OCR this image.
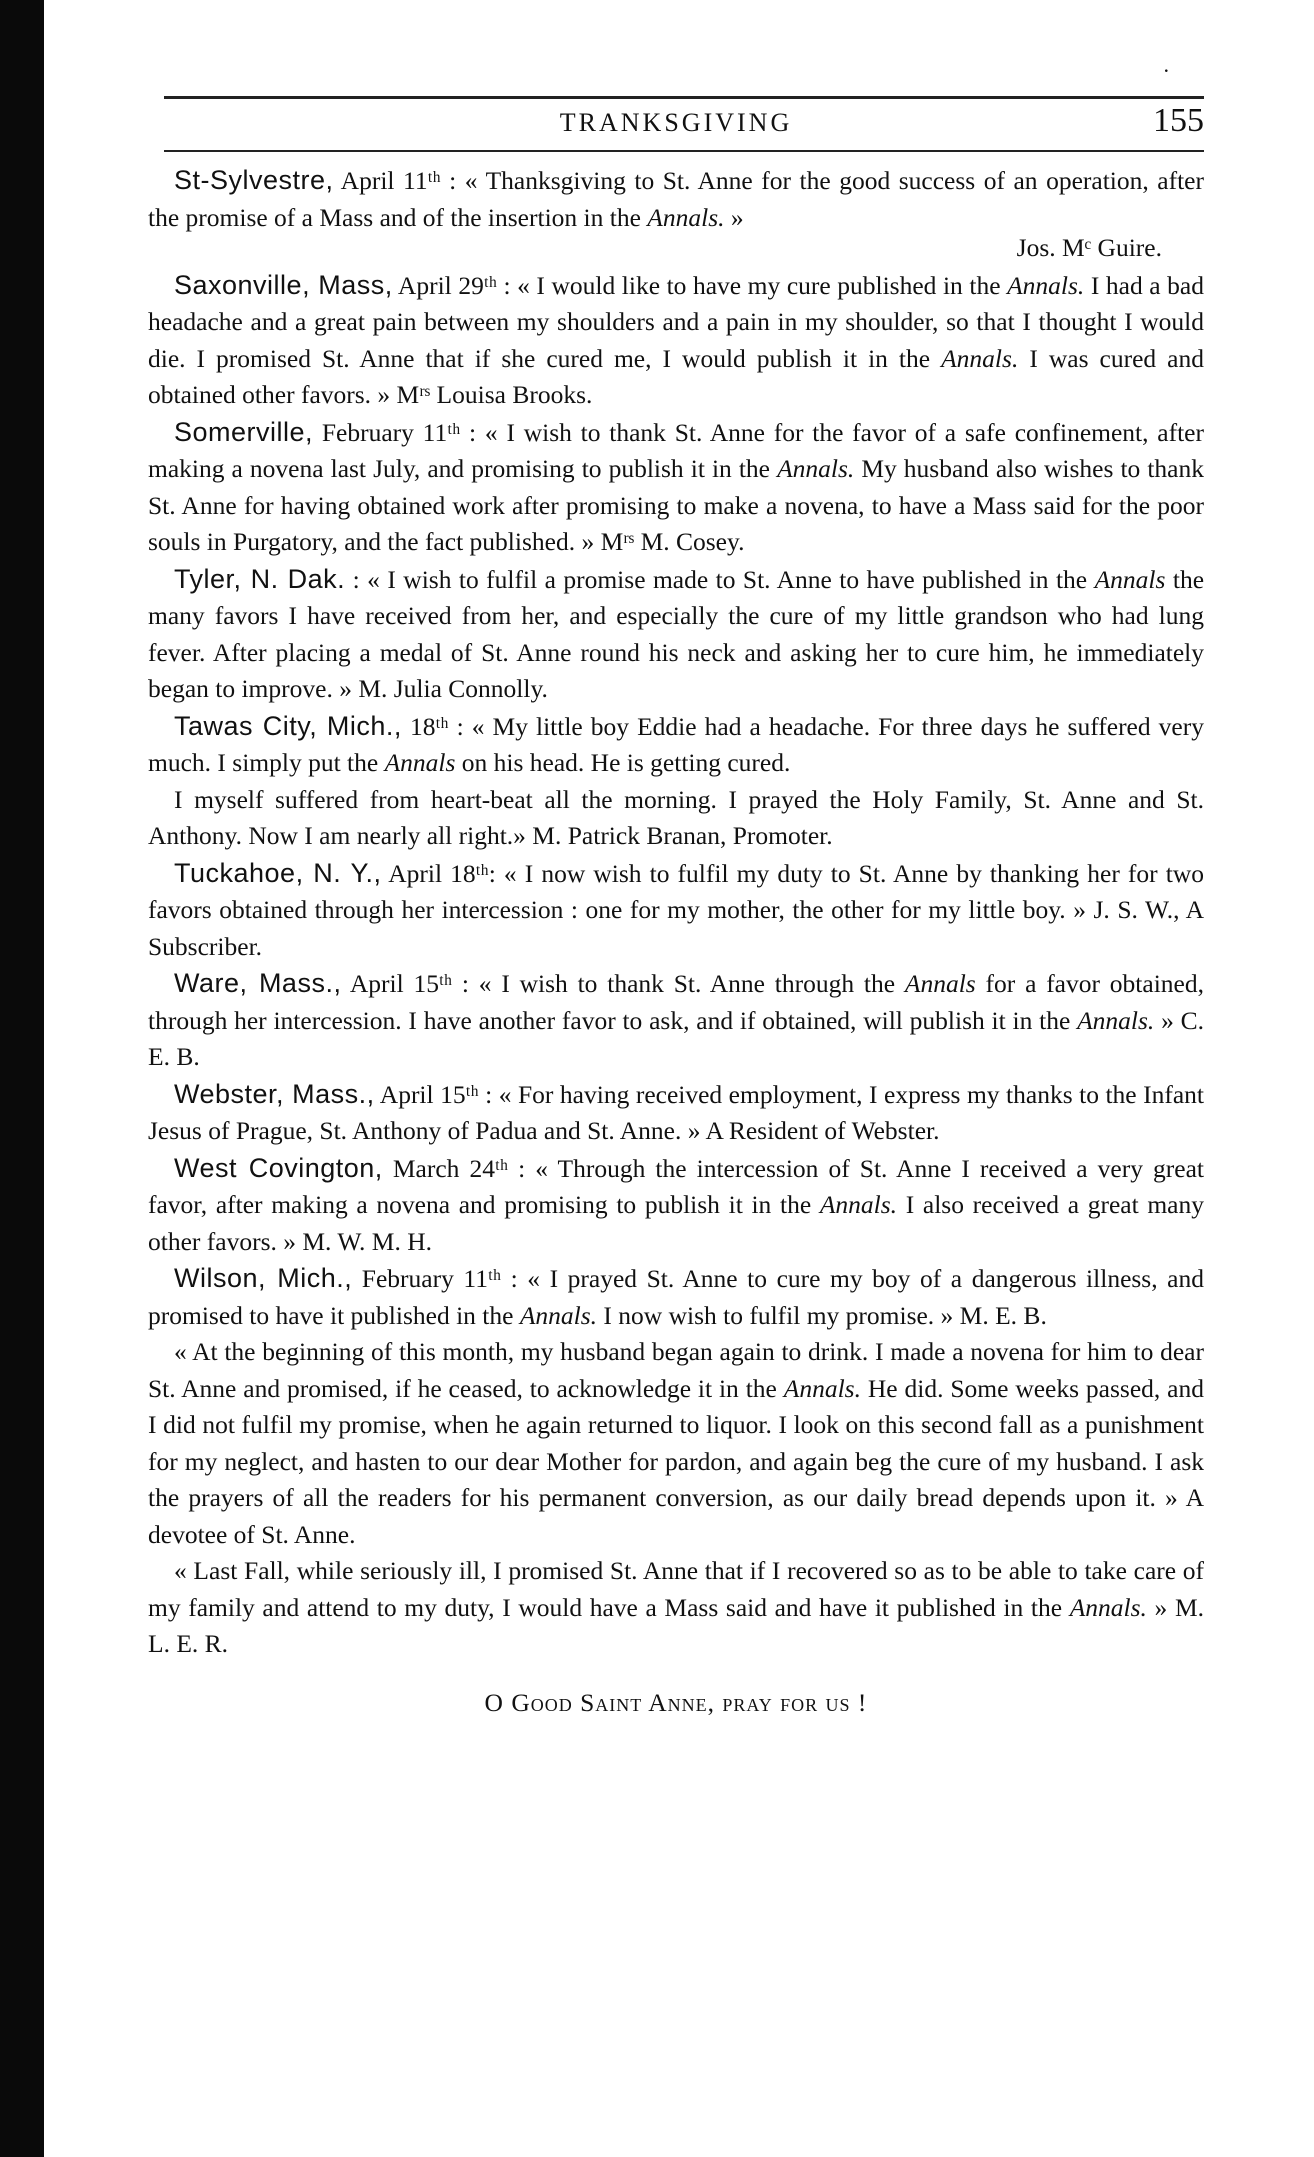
·
TRANKSGIVING	155

St-Sylvestre, April 11ᵗʰ : « Thanksgiving to St. Anne for the good success of an operation, after the promise of a Mass and of the insertion in the Annals. »

Jos. Mᶜ Guire.

Saxonville, Mass, April 29ᵗʰ : « I would like to have my cure published in the Annals. I had a bad headache and a great pain between my shoulders and a pain in my shoulder, so that I thought I would die. I promised St. Anne that if she cured me, I would publish it in the Annals. I was cured and obtained other favors. » Mʳˢ Louisa Brooks.

Somerville, February 11ᵗʰ : « I wish to thank St. Anne for the favor of a safe confinement, after making a novena last July, and promising to publish it in the Annals. My husband also wishes to thank St. Anne for having obtained work after promising to make a novena, to have a Mass said for the poor souls in Purgatory, and the fact published. » Mʳˢ M. Cosey.

Tyler, N. Dak. : « I wish to fulfil a promise made to St. Anne to have published in the Annals the many favors I have received from her, and especially the cure of my little grandson who had lung fever. After placing a medal of St. Anne round his neck and asking her to cure him, he immediately began to improve. » M. Julia Connolly.

Tawas City, Mich., 18ᵗʰ : « My little boy Eddie had a headache. For three days he suffered very much. I simply put the Annals on his head. He is getting cured.

I myself suffered from heart-beat all the morning. I prayed the Holy Family, St. Anne and St. Anthony. Now I am nearly all right.» M. Patrick Branan, Promoter.

Tuckahoe, N. Y., April 18ᵗʰ: « I now wish to fulfil my duty to St. Anne by thanking her for two favors obtained through her intercession : one for my mother, the other for my little boy. » J. S. W., A Subscriber.

Ware, Mass., April 15ᵗʰ : « I wish to thank St. Anne through the Annals for a favor obtained, through her intercession. I have another favor to ask, and if obtained, will publish it in the Annals. » C. E. B.

Webster, Mass., April 15ᵗʰ : « For having received employment, I express my thanks to the Infant Jesus of Prague, St. Anthony of Padua and St. Anne. » A Resident of Webster.

West Covington, March 24ᵗʰ : « Through the intercession of St. Anne I received a very great favor, after making a novena and promising to publish it in the Annals. I also received a great many other favors. » M. W. M. H.

Wilson, Mich., February 11ᵗʰ : « I prayed St. Anne to cure my boy of a dangerous illness, and promised to have it published in the Annals. I now wish to fulfil my promise. » M. E. B.

« At the beginning of this month, my husband began again to drink. I made a novena for him to dear St. Anne and promised, if he ceased, to acknowledge it in the Annals. He did. Some weeks passed, and I did not fulfil my promise, when he again returned to liquor. I look on this second fall as a punishment for my neglect, and hasten to our dear Mother for pardon, and again beg the cure of my husband. I ask the prayers of all the readers for his permanent conversion, as our daily bread depends upon it. » A devotee of St. Anne.

« Last Fall, while seriously ill, I promised St. Anne that if I recovered so as to be able to take care of my family and attend to my duty, I would have a Mass said and have it published in the Annals. » M. L. E. R.

O Good Saint Anne, pray for us !
